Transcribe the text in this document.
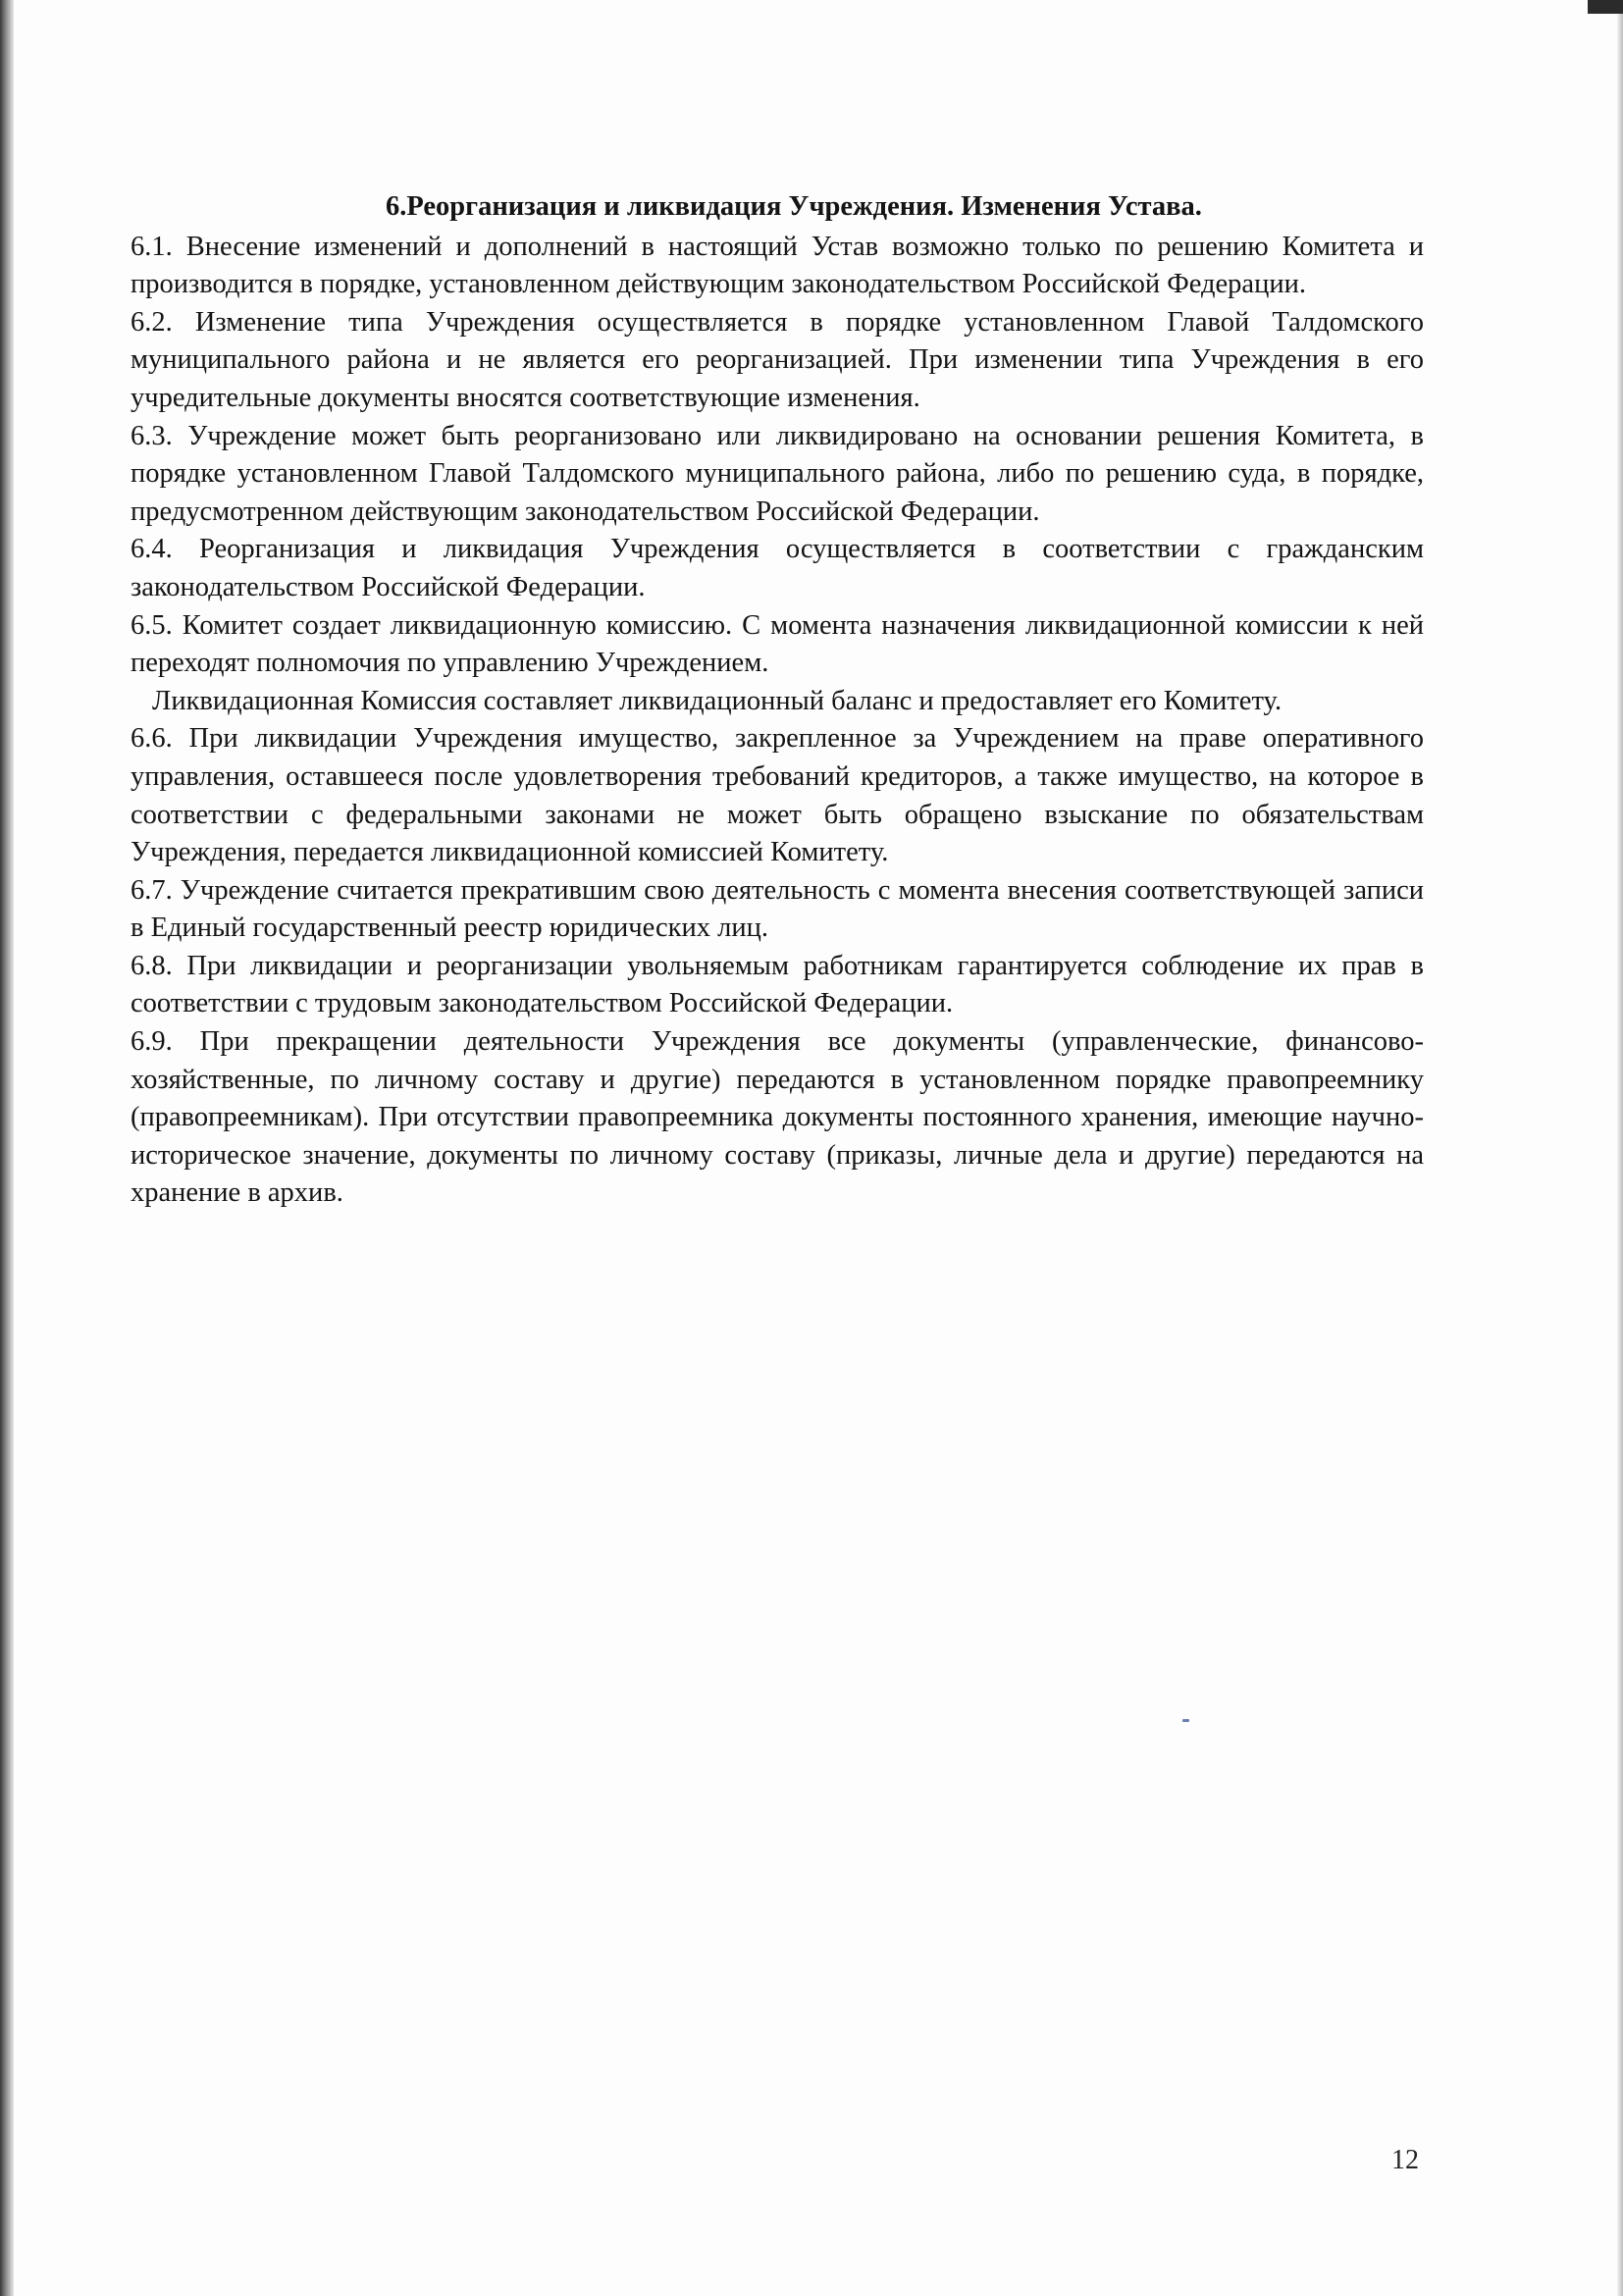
6.Реорганизация и ликвидация Учреждения. Изменения Устава.

6.1. Внесение изменений и дополнений в настоящий Устав возможно только по решению Комитета и производится в порядке, установленном действующим законодательством Российской Федерации.

6.2. Изменение типа Учреждения осуществляется в порядке установленном Главой Талдомского муниципального района и не является его реорганизацией. При изменении типа Учреждения в его учредительные документы вносятся соответствующие изменения.

6.3. Учреждение может быть реорганизовано или ликвидировано на основании решения Комитета, в порядке установленном Главой Талдомского муниципального района, либо по решению суда, в порядке, предусмотренном действующим законодательством Российской Федерации.

6.4. Реорганизация и ликвидация Учреждения осуществляется в соответствии с гражданским законодательством Российской Федерации.

6.5. Комитет создает ликвидационную комиссию. С момента назначения ликвидационной комиссии к ней переходят полномочия по управлению Учреждением.

Ликвидационная Комиссия составляет ликвидационный баланс и предоставляет его Комитету.

6.6. При ликвидации Учреждения имущество, закрепленное за Учреждением на праве оперативного управления, оставшееся после удовлетворения требований кредиторов, а также имущество, на которое в соответствии с федеральными законами не может быть обращено взыскание по обязательствам Учреждения, передается ликвидационной комиссией Комитету.

6.7. Учреждение считается прекратившим свою деятельность с момента внесения соответствующей записи в Единый государственный реестр юридических лиц.

6.8. При ликвидации и реорганизации увольняемым работникам гарантируется соблюдение их прав в соответствии с трудовым законодательством Российской Федерации.

6.9. При прекращении деятельности Учреждения все документы (управленческие, финансово-хозяйственные, по личному составу и другие) передаются в установленном порядке правопреемнику (правопреемникам). При отсутствии правопреемника документы постоянного хранения, имеющие научно-историческое значение, документы по личному составу (приказы, личные дела и другие) передаются на хранение в архив.

12
